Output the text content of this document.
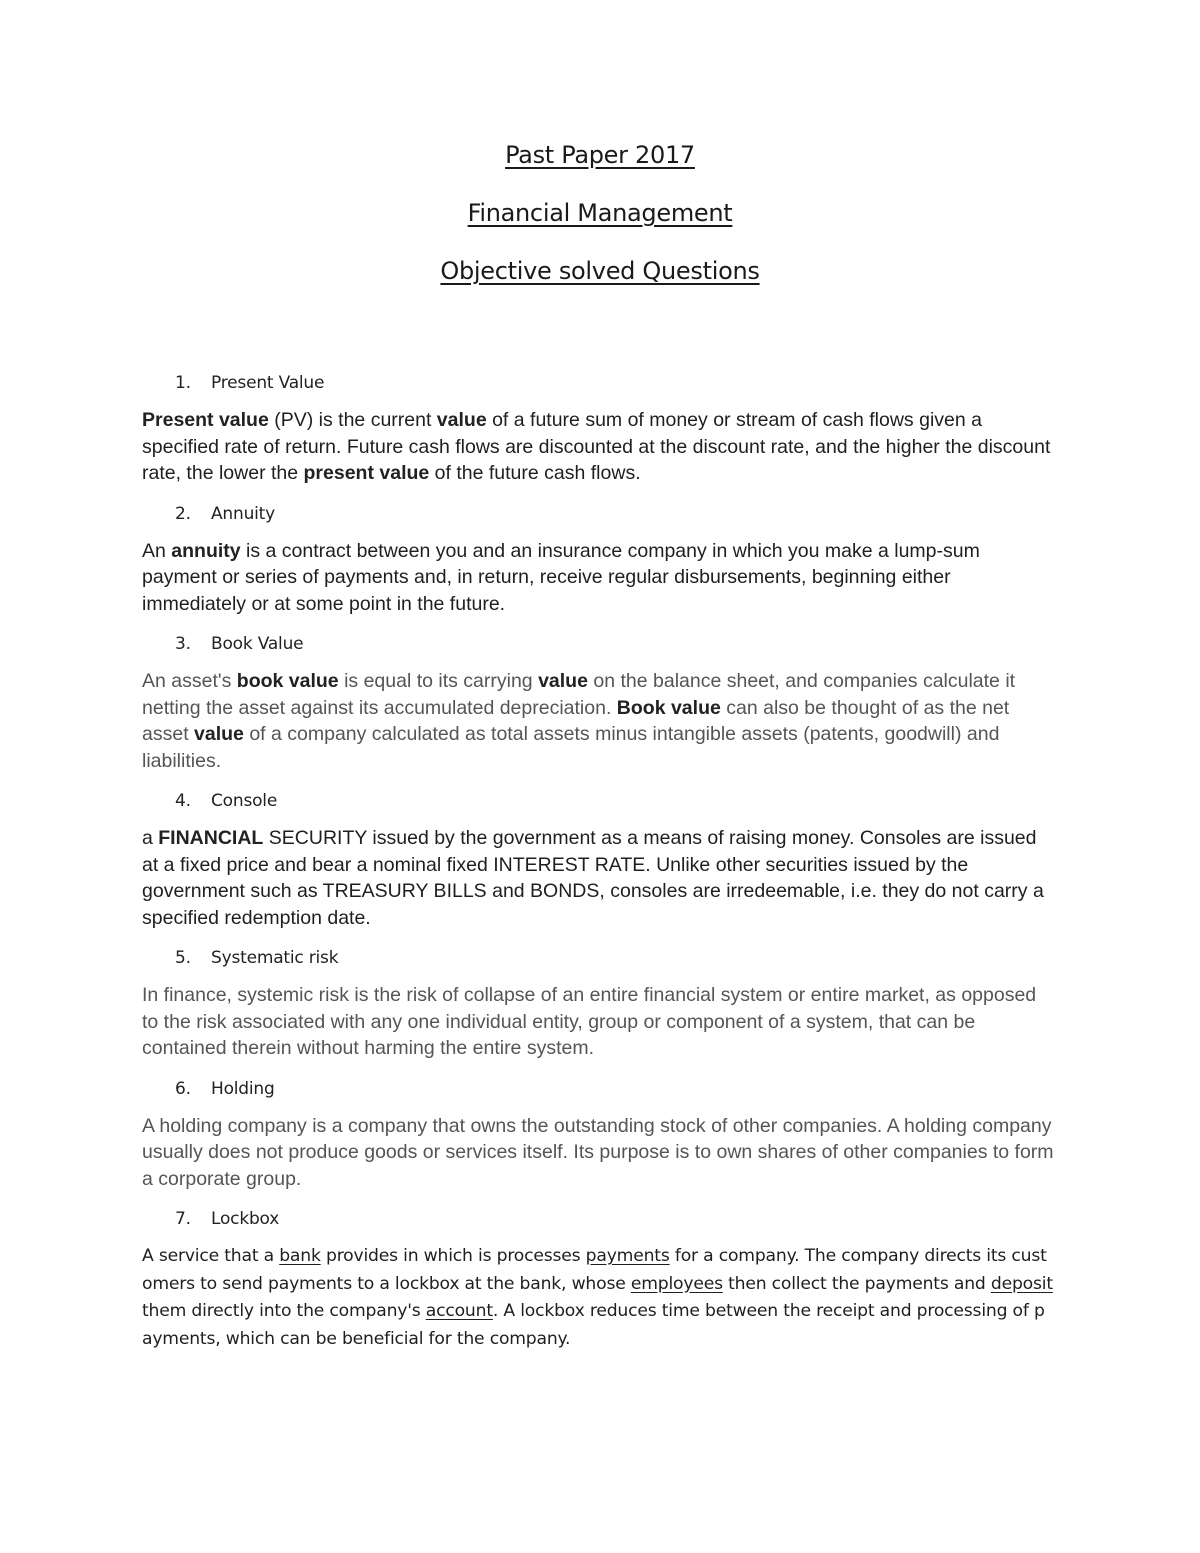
Past Paper 2017
Financial Management
Objective solved Questions
1. Present Value

Present value (PV) is the current value of a future sum of money or stream of cash flows given a specified rate of return. Future cash flows are discounted at the discount rate, and the higher the discount rate, the lower the present value of the future cash flows.

2. Annuity

An annuity is a contract between you and an insurance company in which you make a lump-sum payment or series of payments and, in return, receive regular disbursements, beginning either immediately or at some point in the future.

3. Book Value

An asset's book value is equal to its carrying value on the balance sheet, and companies calculate it netting the asset against its accumulated depreciation. Book value can also be thought of as the net asset value of a company calculated as total assets minus intangible assets (patents, goodwill) and liabilities.

4. Console

a FINANCIAL SECURITY issued by the government as a means of raising money. Consoles are issued at a fixed price and bear a nominal fixed INTEREST RATE. Unlike other securities issued by the government such as TREASURY BILLS and BONDS, consoles are irredeemable, i.e. they do not carry a specified redemption date.

5. Systematic risk

In finance, systemic risk is the risk of collapse of an entire financial system or entire market, as opposed to the risk associated with any one individual entity, group or component of a system, that can be contained therein without harming the entire system.

6. Holding

A holding company is a company that owns the outstanding stock of other companies. A holding company usually does not produce goods or services itself. Its purpose is to own shares of other companies to form a corporate group.

7. Lockbox

A service that a bank provides in which is processes payments for a company. The company directs its cust omers to send payments to a lockbox at the bank, whose employees then collect the payments and deposit them directly into the company's account. A lockbox reduces time between the receipt and processing of p ayments, which can be beneficial for the company.
